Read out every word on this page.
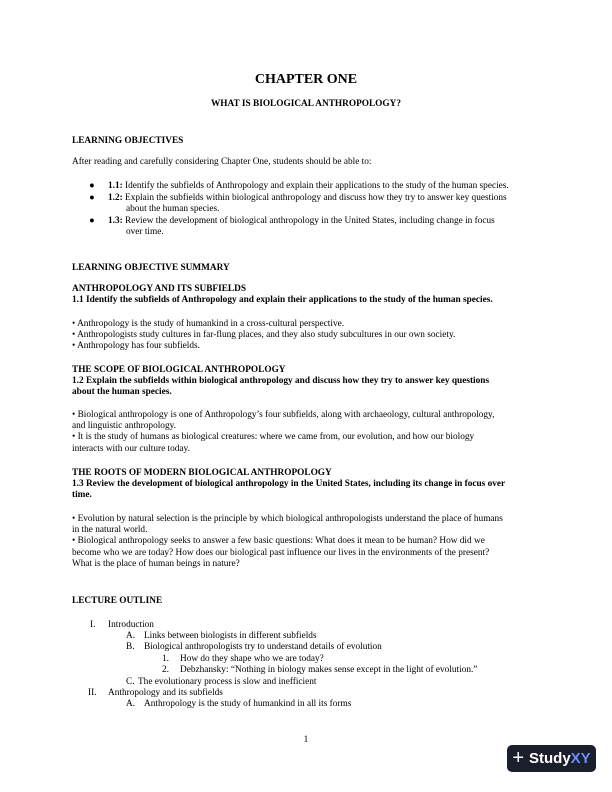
CHAPTER ONE
WHAT IS BIOLOGICAL ANTHROPOLOGY?
LEARNING OBJECTIVES
After reading and carefully considering Chapter One, students should be able to:
● 1.1: Identify the subfields of Anthropology and explain their applications to the study of the human species.
● 1.2: Explain the subfields within biological anthropology and discuss how they try to answer key questions

about the human species.

● 1.3: Review the development of biological anthropology in the United States, including change in focus

over time.

LEARNING OBJECTIVE SUMMARY
ANTHROPOLOGY AND ITS SUBFIELDS
1.1 Identify the subfields of Anthropology and explain their applications to the study of the human species.

• Anthropology is the study of humankind in a cross-cultural perspective.

• Anthropologists study cultures in far-flung places, and they also study subcultures in our own society.

• Anthropology has four subfields.

THE SCOPE OF BIOLOGICAL ANTHROPOLOGY

1.2 Explain the subfields within biological anthropology and discuss how they try to answer key questions

about the human species.

• Biological anthropology is one of Anthropology’s four subfields, along with archaeology, cultural anthropology,

and linguistic anthropology.

• It is the study of humans as biological creatures: where we came from, our evolution, and how our biology

interacts with our culture today.

THE ROOTS OF MODERN BIOLOGICAL ANTHROPOLOGY

1.3 Review the development of biological anthropology in the United States, including its change in focus over

time.

• Evolution by natural selection is the principle by which biological anthropologists understand the place of humans

in the natural world.

• Biological anthropology seeks to answer a few basic questions: What does it mean to be human? How did we

become who we are today? How does our biological past influence our lives in the environments of the present?

What is the place of human beings in nature?

LECTURE OUTLINE
I. Introduction
A. Links between biologists in different subfields
B. Biological anthropologists try to understand details of evolution
1. How do they shape who we are today?
2. Debzhansky: “Nothing in biology makes sense except in the light of evolution.”
C. The evolutionary process is slow and inefficient
II. Anthropology and its subfields
A. Anthropology is the study of humankind in all its forms
1
+ StudyXY
